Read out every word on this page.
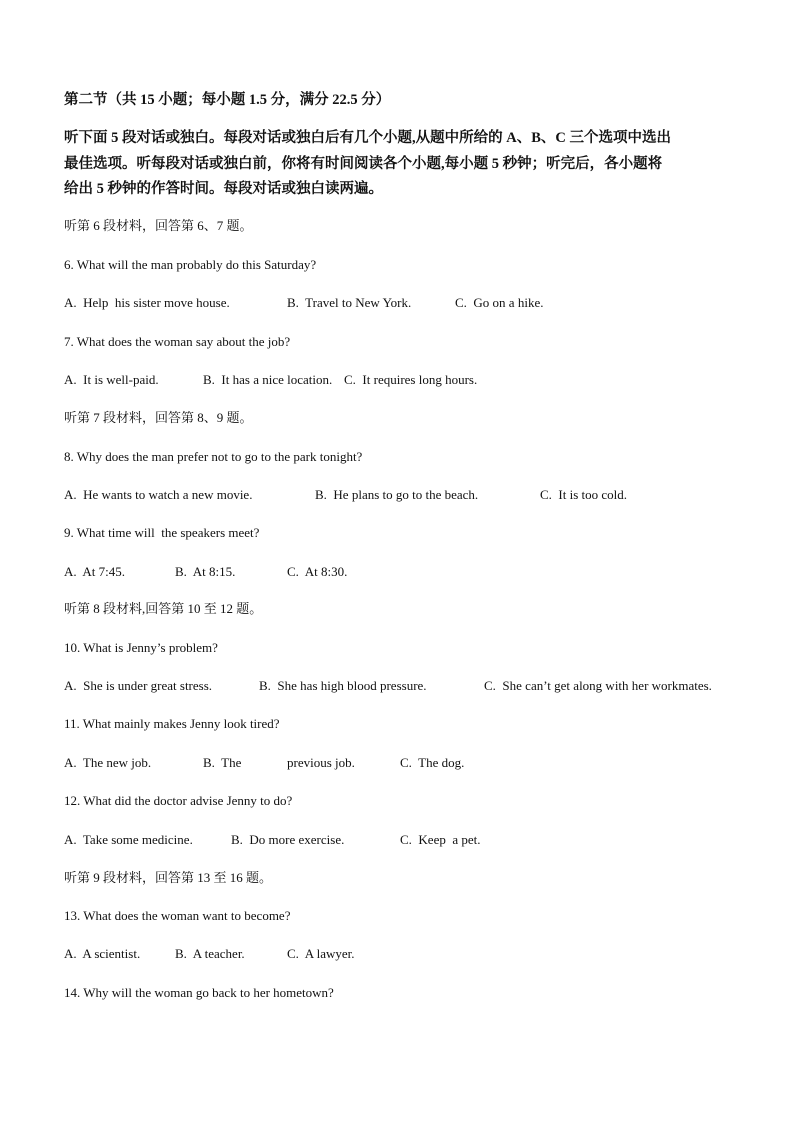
第二节（共 15 小题；每小题 1.5 分，满分 22.5 分）
听下面 5 段对话或独白。每段对话或独白后有几个小题,从题中所给的 A、B、C 三个选项中选出
最佳选项。听每段对话或独白前，你将有时间阅读各个小题,每小题 5 秒钟；听完后，各小题将
给出 5 秒钟的作答时间。每段对话或独白读两遍。
听第 6 段材料，回答第 6、7 题。
6. What will the man probably do this Saturday?
A.  Help  his sister move house.	B.  Travel to New York.	C.  Go on a hike.
7. What does the woman say about the job?
A.  It is well-paid.	B.  It has a nice location. C.  It requires long hours.
听第 7 段材料，回答第 8、9 题。
8. Why does the man prefer not to go to the park tonight?
A.  He wants to watch a new movie.	B.  He plans to go to the beach.	C.  It is too cold.
9. What time will  the speakers meet?
A.  At 7:45.	B.  At 8:15.	C.  At 8:30.
听第 8 段材料,回答第 10 至 12 题。
10. What is Jenny’s problem?
A.  She is under great stress.	B.  She has high blood pressure.	C.  She can’t get along with her workmates.
11. What mainly makes Jenny look tired?
A.  The new job.	B.  The	previous job.	C.  The dog.
12. What did the doctor advise Jenny to do?
A.  Take some medicine.	B.  Do more exercise.	C.  Keep  a pet.
听第 9 段材料，回答第 13 至 16 题。
13. What does the woman want to become?
A.  A scientist.	B.  A teacher.	C.  A lawyer.
14. Why will the woman go back to her hometown?
